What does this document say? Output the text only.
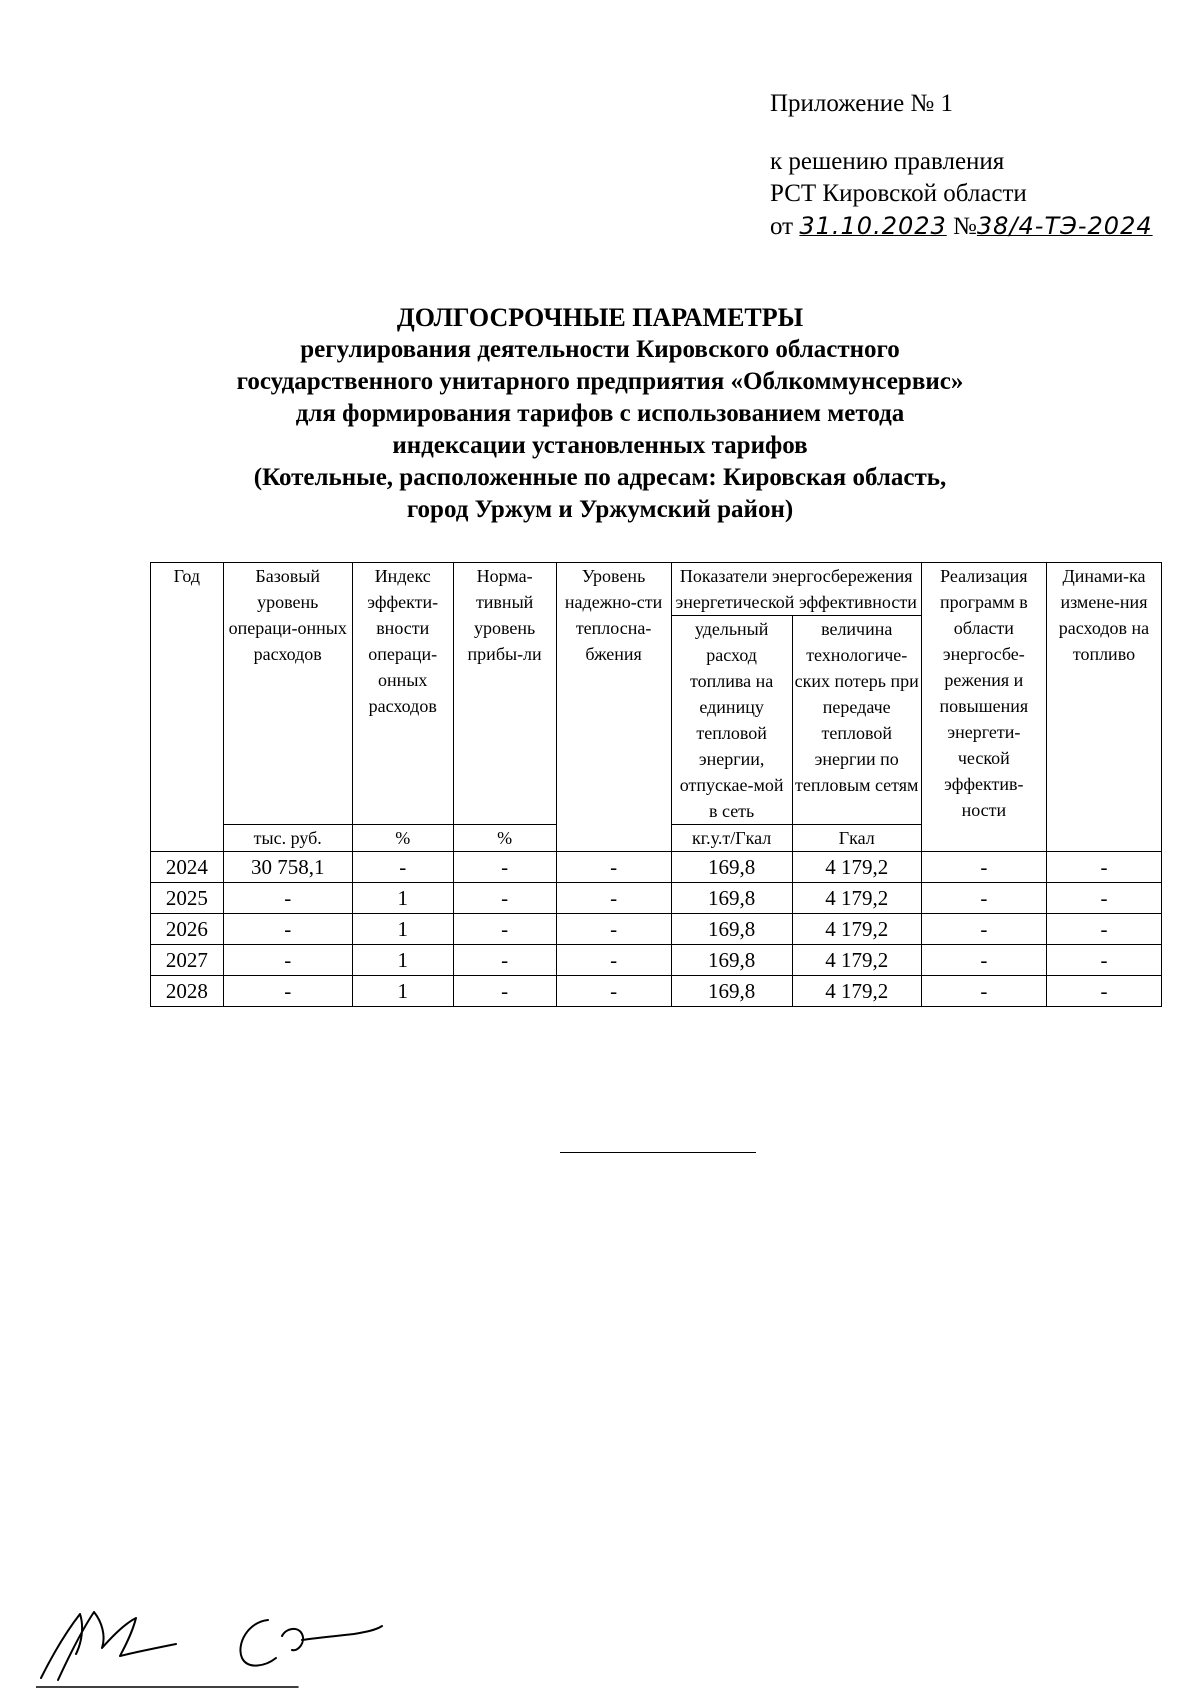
Приложение № 1
к решению правления
РСТ Кировской области
от 31.10.2023 №38/4-ТЭ-2024
ДОЛГОСРОЧНЫЕ ПАРАМЕТРЫ
регулирования деятельности Кировского областного
государственного унитарного предприятия «Облкоммунсервис»
для формирования тарифов с использованием метода
индексации установленных тарифов
(Котельные, расположенные по адресам: Кировская область,
город Уржум и Уржумский район)
Год	Базовый уровень операци-онных расходов	Индекс эффекти-вности операци-онных расходов	Норма-тивный уровень прибы-ли	Уровень надежно-сти теплосна-бжения	Показатели энергосбережения энергетической эффективности		Реализация программ в области энергосбе-режения и повышения энергети-ческой эффектив-ности	Динами-ка измене-ния расходов на топливо
					удельный расход топлива на единицу тепловой энергии, отпускае-мой в сеть	величина технологиче-ских потерь при передаче тепловой энергии по тепловым сетям		
	тыс. руб.	%	%		кг.у.т/Гкал	Гкал		
2024	30 758,1	-	-	-	169,8	4 179,2	-	-
2025	-	1	-	-	169,8	4 179,2	-	-
2026	-	1	-	-	169,8	4 179,2	-	-
2027	-	1	-	-	169,8	4 179,2	-	-
2028	-	1	-	-	169,8	4 179,2	-	-
